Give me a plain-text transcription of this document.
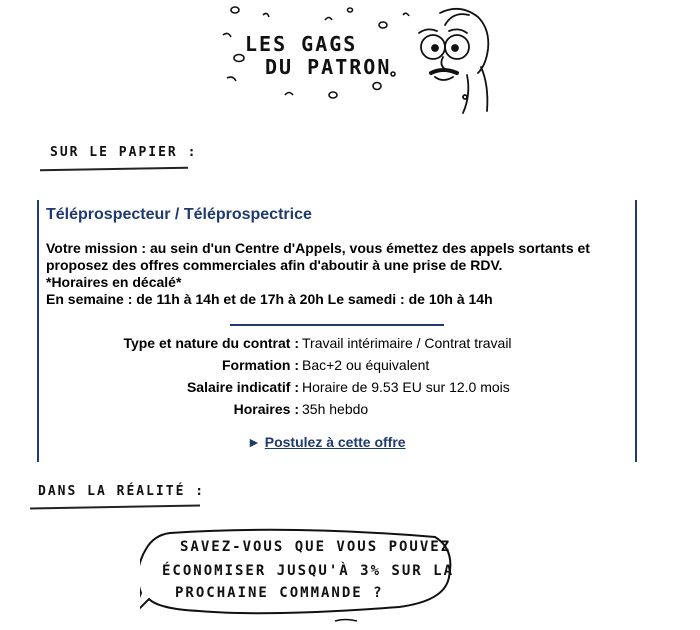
LES GAGS
DU PATRON
SUR LE PAPIER :
Téléprospecteur / Téléprospectrice
Votre mission : au sein d'un Centre d'Appels, vous émettez des appels sortants et
proposez des offres commerciales afin d'aboutir à une prise de RDV.
*Horaires en décalé*
En semaine : de 11h à 14h et de 17h à 20h Le samedi : de 10h à 14h
Type et nature du contrat : Travail intérimaire / Contrat travail
Formation : Bac+2 ou équivalent
Salaire indicatif : Horaire de 9.53 EU sur 12.0 mois
Horaires : 35h hebdo
► Postulez à cette offre
DANS LA RÉALITÉ :
SAVEZ-VOUS QUE VOUS POUVEZ
ÉCONOMISER JUSQU'À 3% SUR LA
PROCHAINE COMMANDE ?
